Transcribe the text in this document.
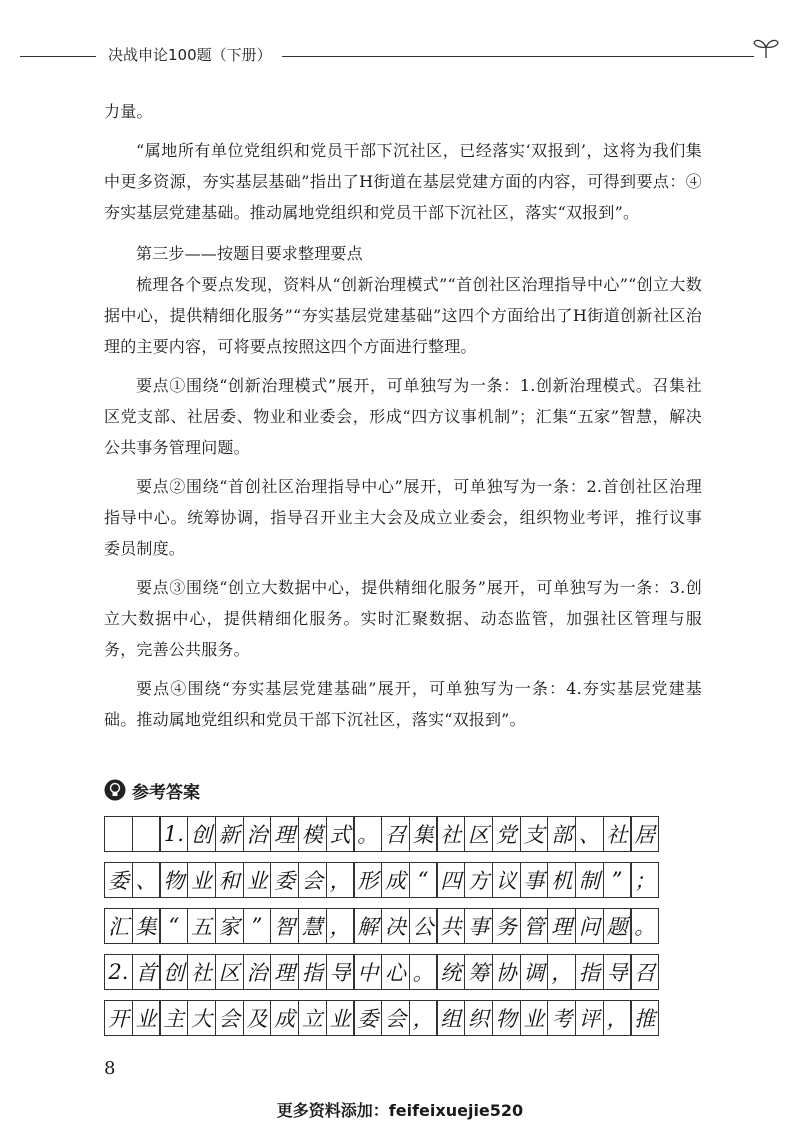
决战申论100题（下册）

力量。

“属地所有单位党组织和党员干部下沉社区，已经落实‘双报到’，这将为我们集中更多资源，夯实基层基础”指出了H街道在基层党建方面的内容，可得到要点：④夯实基层党建基础。推动属地党组织和党员干部下沉社区，落实“双报到”。

第三步——按题目要求整理要点

梳理各个要点发现，资料从“创新治理模式”“首创社区治理指导中心”“创立大数据中心，提供精细化服务”“夯实基层党建基础”这四个方面给出了H街道创新社区治理的主要内容，可将要点按照这四个方面进行整理。

要点①围绕“创新治理模式”展开，可单独写为一条：1.创新治理模式。召集社区党支部、社居委、物业和业委会，形成“四方议事机制”；汇集“五家”智慧，解决公共事务管理问题。

要点②围绕“首创社区治理指导中心”展开，可单独写为一条：2.首创社区治理指导中心。统筹协调，指导召开业主大会及成立业委会，组织物业考评，推行议事委员制度。

要点③围绕“创立大数据中心，提供精细化服务”展开，可单独写为一条：3.创立大数据中心，提供精细化服务。实时汇聚数据、动态监管，加强社区管理与服务，完善公共服务。

要点④围绕“夯实基层党建基础”展开，可单独写为一条：4.夯实基层党建基础。推动属地党组织和党员干部下沉社区，落实“双报到”。

参考答案
1. 创 新 治 理 模 式 。 召 集 社 区 党 支 部 、 社 居
委 、 物 业 和 业 委 会 ， 形 成 “ 四 方 议 事 机 制 ” ；
汇 集 “ 五 家 ” 智 慧 ， 解 决 公 共 事 务 管 理 问 题 。
2. 首 创 社 区 治 理 指 导 中 心 。 统 筹 协 调 ， 指 导 召
开 业 主 大 会 及 成 立 业 委 会 ， 组 织 物 业 考 评 ， 推
8
更多资料添加：feifeixuejie520
